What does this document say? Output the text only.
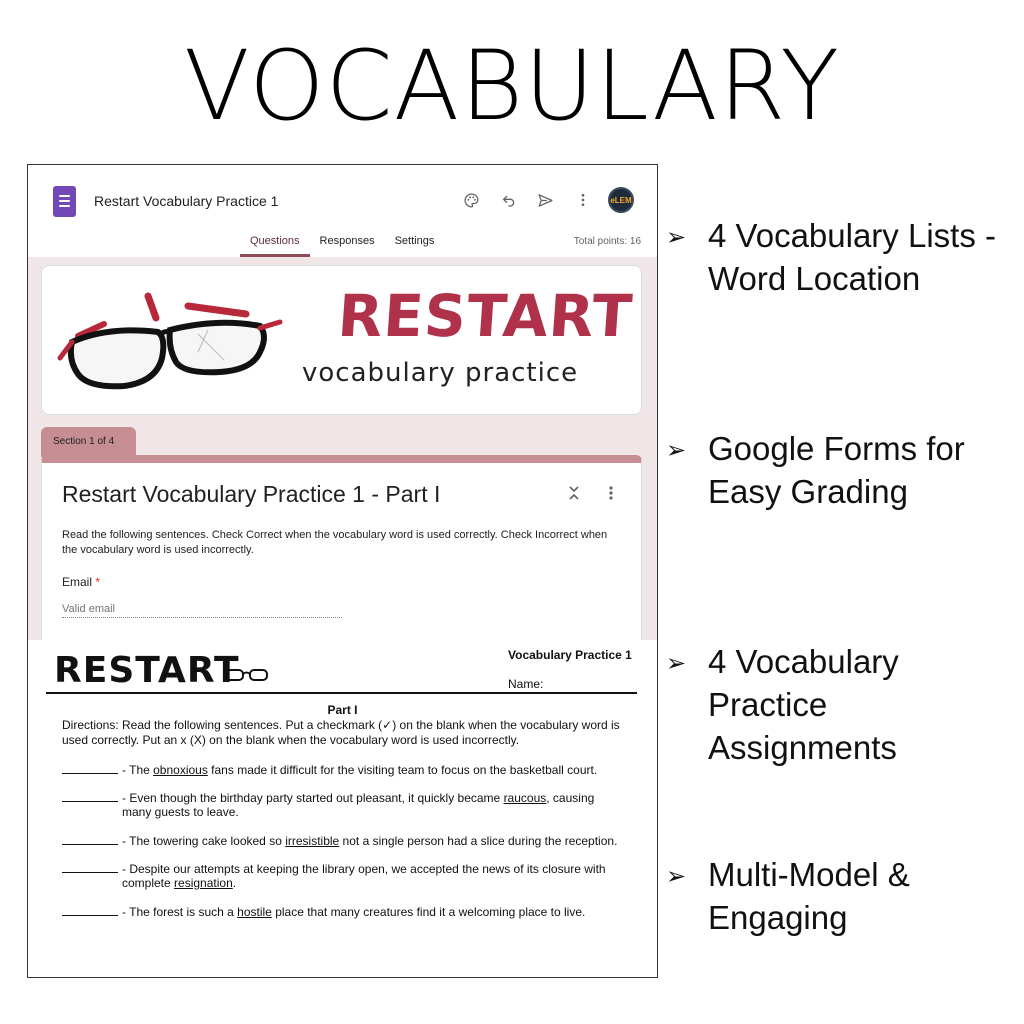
VOCABULARY
Restart Vocabulary Practice 1	eLEM
Questions	Responses	Settings	Total points: 16
RESTART
vocabulary practice
Section 1 of 4
Restart Vocabulary Practice 1 - Part I
Read the following sentences. Check Correct when the vocabulary word is used correctly. Check Incorrect when the vocabulary word is used incorrectly.
Email *
Valid email
RESTART	Vocabulary Practice 1
Name:
Part I
Directions: Read the following sentences. Put a checkmark (✓) on the blank when the vocabulary word is used correctly. Put an x (X) on the blank when the vocabulary word is used incorrectly.
- The obnoxious fans made it difficult for the visiting team to focus on the basketball court.
- Even though the birthday party started out pleasant, it quickly became raucous, causing many guests to leave.
- The towering cake looked so irresistible not a single person had a slice during the reception.
- Despite our attempts at keeping the library open, we accepted the news of its closure with complete resignation.
- The forest is such a hostile place that many creatures find it a welcoming place to live.
➢ 4 Vocabulary Lists - Word Location
➢ Google Forms for Easy Grading
➢ 4 Vocabulary Practice Assignments
➢ Multi-Model & Engaging
